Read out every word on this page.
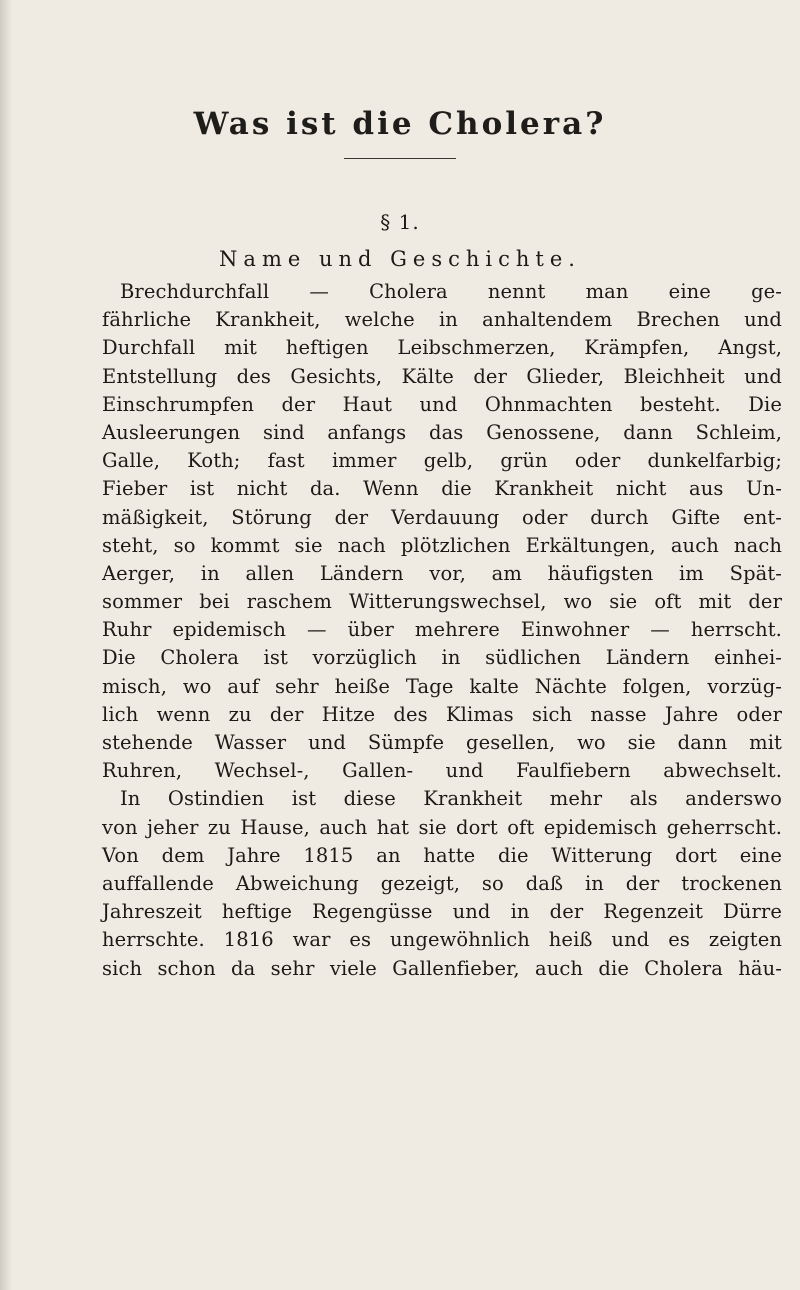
Was ist die Cholera?
§ 1.
Name und Geschichte.
Brechdurchfall — Cholera nennt man eine ge-
fährliche Krankheit, welche in anhaltendem Brechen und
Durchfall mit heftigen Leibschmerzen, Krämpfen, Angst,
Entstellung des Gesichts, Kälte der Glieder, Bleichheit und
Einschrumpfen der Haut und Ohnmachten besteht. Die
Ausleerungen sind anfangs das Genossene, dann Schleim,
Galle, Koth; fast immer gelb, grün oder dunkelfarbig;
Fieber ist nicht da. Wenn die Krankheit nicht aus Un-
mäßigkeit, Störung der Verdauung oder durch Gifte ent-
steht, so kommt sie nach plötzlichen Erkältungen, auch nach
Aerger, in allen Ländern vor, am häufigsten im Spät-
sommer bei raschem Witterungswechsel, wo sie oft mit der
Ruhr epidemisch — über mehrere Einwohner — herrscht.
Die Cholera ist vorzüglich in südlichen Ländern einhei-
misch, wo auf sehr heiße Tage kalte Nächte folgen, vorzüg-
lich wenn zu der Hitze des Klimas sich nasse Jahre oder
stehende Wasser und Sümpfe gesellen, wo sie dann mit
Ruhren, Wechsel-, Gallen- und Faulfiebern abwechselt.
In Ostindien ist diese Krankheit mehr als anderswo
von jeher zu Hause, auch hat sie dort oft epidemisch geherrscht.
Von dem Jahre 1815 an hatte die Witterung dort eine
auffallende Abweichung gezeigt, so daß in der trockenen
Jahreszeit heftige Regengüsse und in der Regenzeit Dürre
herrschte. 1816 war es ungewöhnlich heiß und es zeigten
sich schon da sehr viele Gallenfieber, auch die Cholera häu-
